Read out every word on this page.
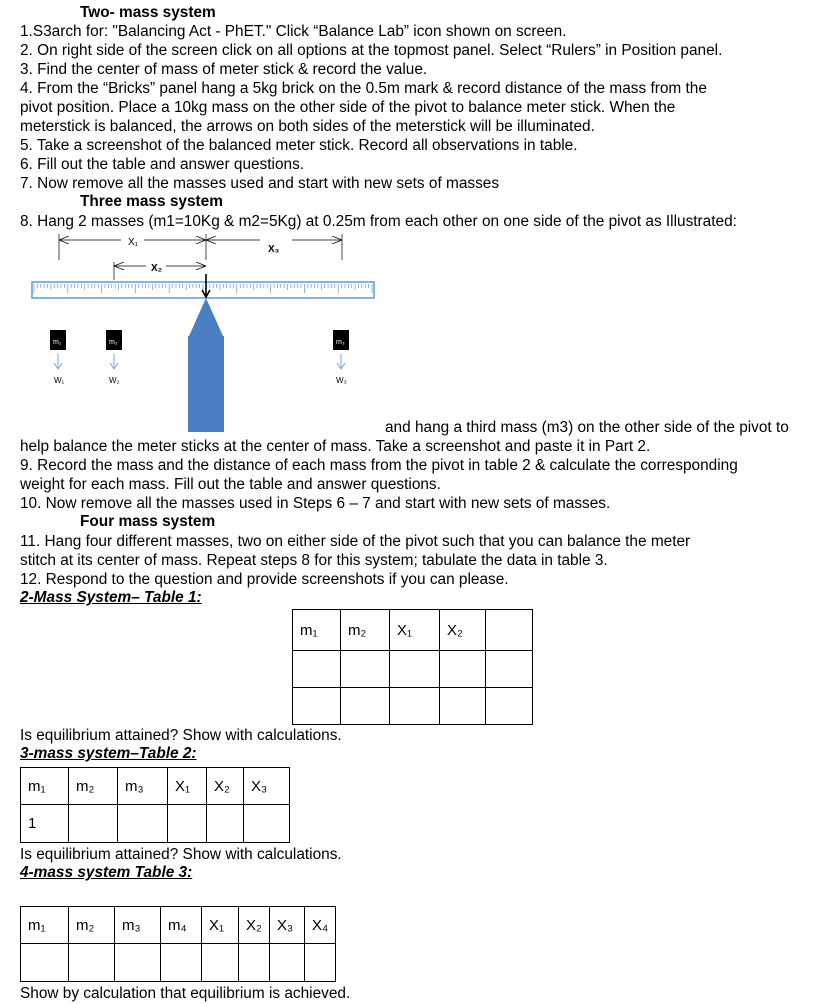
Two- mass system
1.S3arch for: "Balancing Act - PhET." Click “Balance Lab” icon shown on screen.
2. On right side of the screen click on all options at the topmost panel. Select “Rulers” in Position panel.
3. Find the center of mass of meter stick & record the value.
4. From the “Bricks” panel hang a 5kg brick on the 0.5m mark & record distance of the mass from the
pivot position. Place a 10kg mass on the other side of the pivot to balance meter stick. When the
meterstick is balanced, the arrows on both sides of the meterstick will be illuminated.
5. Take a screenshot of the balanced meter stick. Record all observations in table.
6. Fill out the table and answer questions.
7. Now remove all the masses used and start with new sets of masses
Three mass system
8. Hang 2 masses (m1=10Kg & m2=5Kg) at 0.25m from each other on one side of the pivot as Illustrated:
X₁
X₃
X₂
m₁	m₂	m₃
W₁	W₂	W₃
and hang a third mass (m3) on the other side of the pivot to
help balance the meter sticks at the center of mass. Take a screenshot and paste it in Part 2.
9. Record the mass and the distance of each mass from the pivot in table 2 & calculate the corresponding
weight for each mass. Fill out the table and answer questions.
10. Now remove all the masses used in Steps 6 – 7 and start with new sets of masses.
Four mass system
11. Hang four different masses, two on either side of the pivot such that you can balance the meter
stitch at its center of mass. Repeat steps 8 for this system; tabulate the data in table 3.
12. Respond to the question and provide screenshots if you can please.
2-Mass System– Table 1:
m₁	m₂	X₁	X₂	

Is equilibrium attained? Show with calculations.
3-mass system–Table 2:
m₁	m₂	m₃	X₁	X₂	X₃
1					
Is equilibrium attained? Show with calculations.
4-mass system Table 3:
m₁	m₂	m₃	m₄	X₁	X₂	X₃	X₄

Show by calculation that equilibrium is achieved.
